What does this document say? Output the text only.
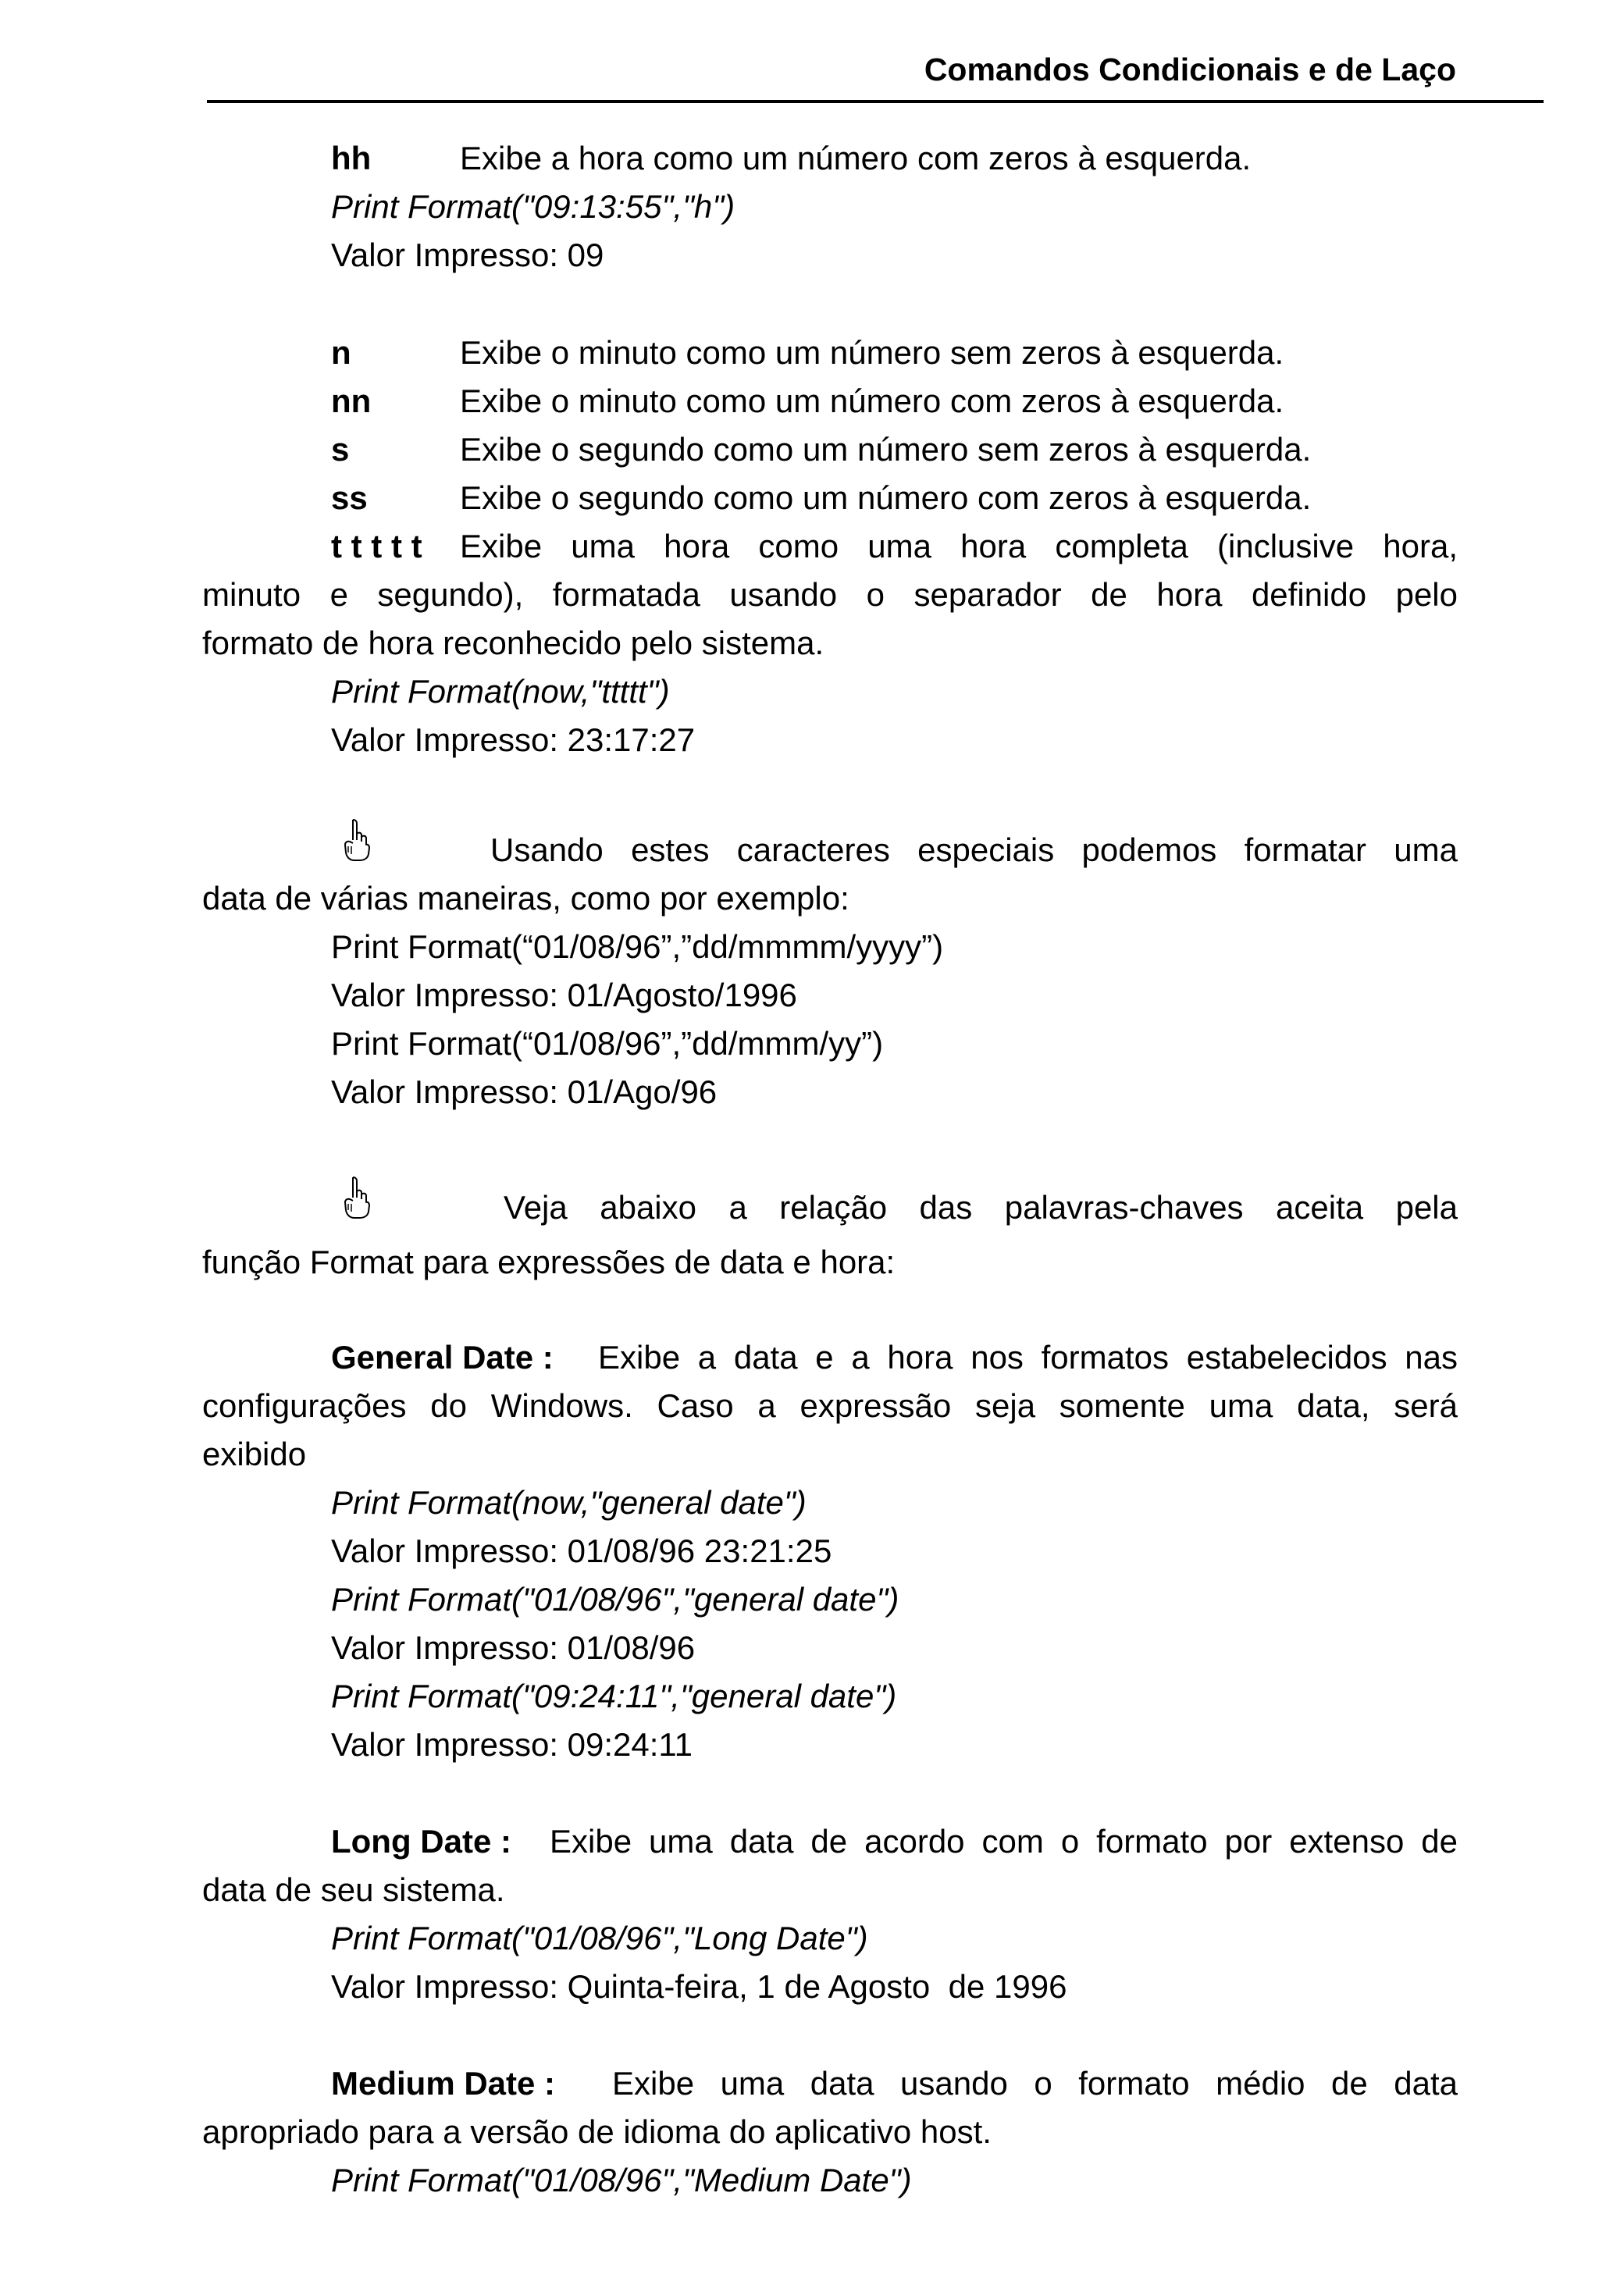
Comandos Condicionais e de Laço
hh	Exibe a hora como um número com zeros à esquerda.
Print Format("09:13:55","h")
Valor Impresso: 09
n	Exibe o minuto como um número sem zeros à esquerda.
nn	Exibe o minuto como um número com zeros à esquerda.
s	Exibe o segundo como um número sem zeros à esquerda.
ss	Exibe o segundo como um número com zeros à esquerda.
t t t t t Exibe uma hora como uma hora completa (inclusive hora,
minuto e segundo), formatada usando o separador de hora definido pelo
formato de hora reconhecido pelo sistema.
Print Format(now,"ttttt")
Valor Impresso: 23:17:27
Usando estes caracteres especiais podemos formatar uma
data de várias maneiras, como por exemplo:
Print Format(“01/08/96”,”dd/mmmm/yyyy”)
Valor Impresso: 01/Agosto/1996
Print Format(“01/08/96”,”dd/mmm/yy”)
Valor Impresso: 01/Ago/96
Veja abaixo a relação das palavras-chaves aceita pela
função Format para expressões de data e hora:
General Date : Exibe a data e a hora nos formatos estabelecidos nas
configurações do Windows. Caso a expressão seja somente uma data, será
exibido
Print Format(now,"general date")
Valor Impresso: 01/08/96 23:21:25
Print Format("01/08/96","general date")
Valor Impresso: 01/08/96
Print Format("09:24:11","general date")
Valor Impresso: 09:24:11
Long Date : Exibe uma data de acordo com o formato por extenso de
data de seu sistema.
Print Format("01/08/96","Long Date")
Valor Impresso: Quinta-feira, 1 de Agosto  de 1996
Medium Date : Exibe uma data usando o formato médio de data
apropriado para a versão de idioma do aplicativo host.
Print Format("01/08/96","Medium Date")
